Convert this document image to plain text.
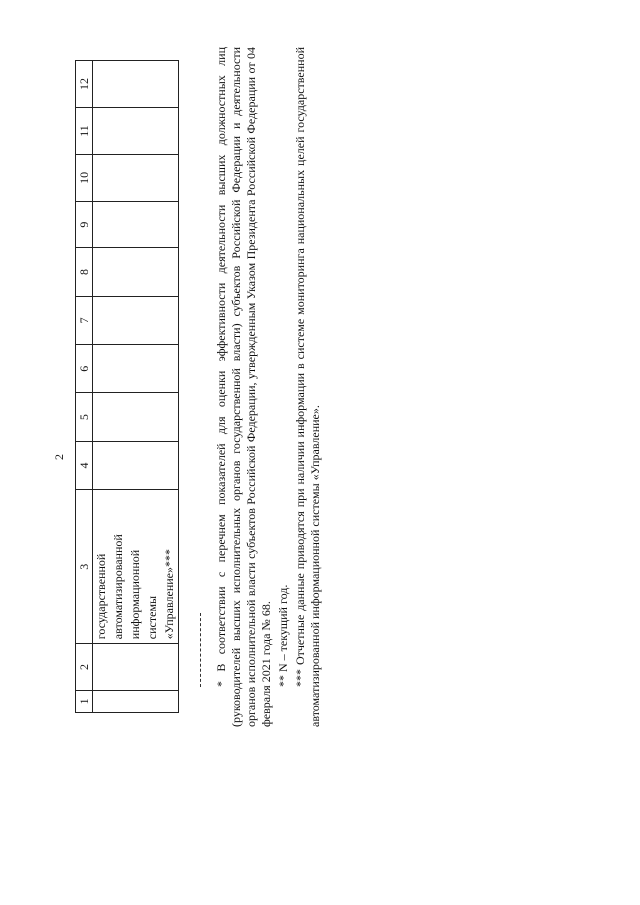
2
1	2	3	4	5	6	7	8	9	10	11	12
		государственной
автоматизированной
информационной
системы
«Управление»***										* В соответствии с перечнем показателей для оценки эффективности деятельности высших должностных лиц (руководителей высших исполнительных органов государственной власти) субъектов Российской Федерации и деятельности органов исполнительной власти субъектов Российской Федерации, утвержденным Указом Президента Российской Федерации от 04 февраля 2021 года № 68. ** N – текущий год. *** Отчетные данные приводятся при наличии информации в системе мониторинга национальных целей государственной автоматизированной информационной системы «Управление».
